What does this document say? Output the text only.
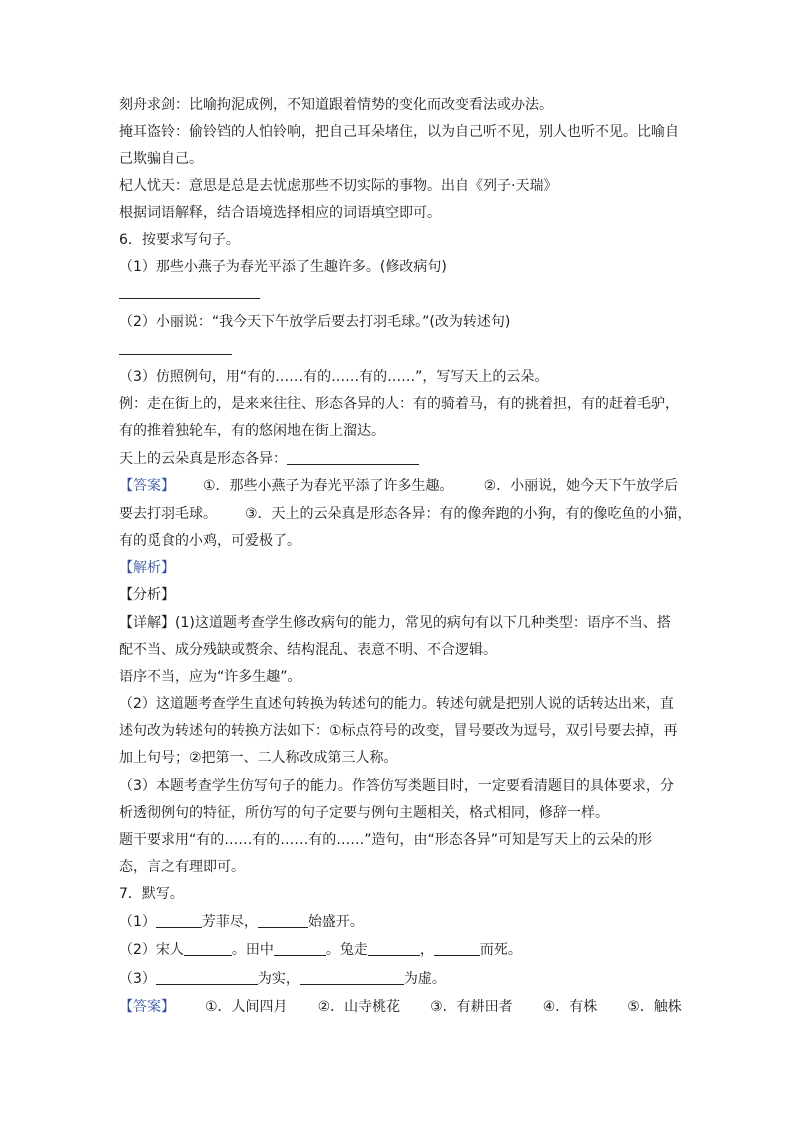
刻舟求剑：比喻拘泥成例，不知道跟着情势的变化而改变看法或办法。
掩耳盗铃：偷铃铛的人怕铃响，把自己耳朵堵住，以为自己听不见，别人也听不见。比喻自
己欺骗自己。
杞人忧天：意思是总是去忧虑那些不切实际的事物。出自《列子·天瑞》
根据词语解释，结合语境选择相应的词语填空即可。
6．按要求写句子。
（1）那些小燕子为春光平添了生趣许多。(修改病句)
（2）小丽说：“我今天下午放学后要去打羽毛球。”(改为转述句)
（3）仿照例句，用“有的……有的……有的……”，写写天上的云朵。
例：走在街上的，是来来往往、形态各异的人：有的骑着马，有的挑着担，有的赶着毛驴，
有的推着独轮车，有的悠闲地在街上溜达。
天上的云朵真是形态各异：
【答案】 ①．那些小燕子为春光平添了许多生趣。 ②．小丽说，她今天下午放学后
要去打羽毛球。 ③．天上的云朵真是形态各异：有的像奔跑的小狗，有的像吃鱼的小猫，
有的觅食的小鸡，可爱极了。
【解析】
【分析】
【详解】(1)这道题考查学生修改病句的能力，常见的病句有以下几种类型：语序不当、搭
配不当、成分残缺或赘余、结构混乱、表意不明、不合逻辑。
语序不当，应为“许多生趣”。
（2）这道题考查学生直述句转换为转述句的能力。转述句就是把别人说的话转达出来，直
述句改为转述句的转换方法如下：①标点符号的改变，冒号要改为逗号，双引号要去掉，再
加上句号；②把第一、二人称改成第三人称。
（3）本题考查学生仿写句子的能力。作答仿写类题目时，一定要看清题目的具体要求，分
析透彻例句的特征，所仿写的句子定要与例句主题相关，格式相同，修辞一样。
题干要求用“有的……有的……有的……”造句，由“形态各异”可知是写天上的云朵的形
态，言之有理即可。
7．默写。
（1）	芳菲尽，	始盛开。
（2）宋人	。田中	。兔走	，	而死。
（3）	为实，	为虚。
【答案】 ①．人间四月 ②．山寺桃花 ③．有耕田者 ④．有株 ⑤．触株
